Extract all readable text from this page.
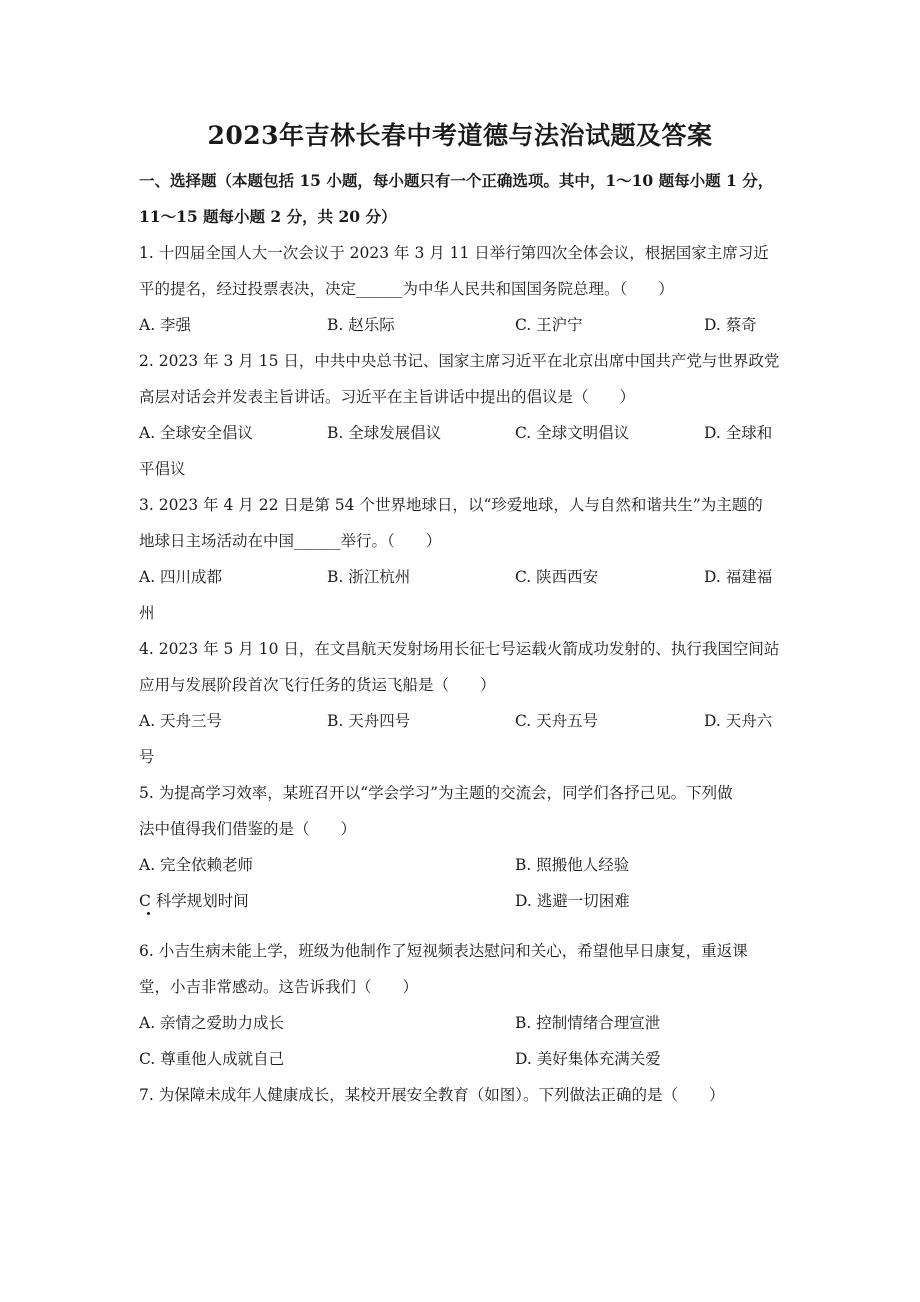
2023年吉林长春中考道德与法治试题及答案
一、选择题（本题包括 15 小题，每小题只有一个正确选项。其中，1～10 题每小题 1 分，
11～15 题每小题 2 分，共 20 分）
1. 十四届全国人大一次会议于 2023 年 3 月 11 日举行第四次全体会议，根据国家主席习近
平的提名，经过投票表决，决定______为中华人民共和国国务院总理。（　　）
A. 李强	B. 赵乐际	C. 王沪宁	D. 蔡奇
2. 2023 年 3 月 15 日，中共中央总书记、国家主席习近平在北京出席中国共产党与世界政党
高层对话会并发表主旨讲话。习近平在主旨讲话中提出的倡议是（　　）
A. 全球安全倡议	B. 全球发展倡议	C. 全球文明倡议	D. 全球和
平倡议
3. 2023 年 4 月 22 日是第 54 个世界地球日，以“珍爱地球，人与自然和谐共生”为主题的
地球日主场活动在中国______举行。（　　）
A. 四川成都	B. 浙江杭州	C. 陕西西安	D. 福建福
州
4. 2023 年 5 月 10 日，在文昌航天发射场用长征七号运载火箭成功发射的、执行我国空间站
应用与发展阶段首次飞行任务的货运飞船是（　　）
A. 天舟三号	B. 天舟四号	C. 天舟五号	D. 天舟六
号
5. 为提高学习效率，某班召开以“学会学习”为主题的交流会，同学们各抒己见。下列做
法中值得我们借鉴的是（　　）
A. 完全依赖老师	B. 照搬他人经验
C 科学规划时间	D. 逃避一切困难
6. 小吉生病未能上学，班级为他制作了短视频表达慰问和关心，希望他早日康复，重返课
堂，小吉非常感动。这告诉我们（　　）
A. 亲情之爱助力成长	B. 控制情绪合理宣泄
C. 尊重他人成就自己	D. 美好集体充满关爱
7. 为保障未成年人健康成长，某校开展安全教育（如图）。下列做法正确的是（　　）
